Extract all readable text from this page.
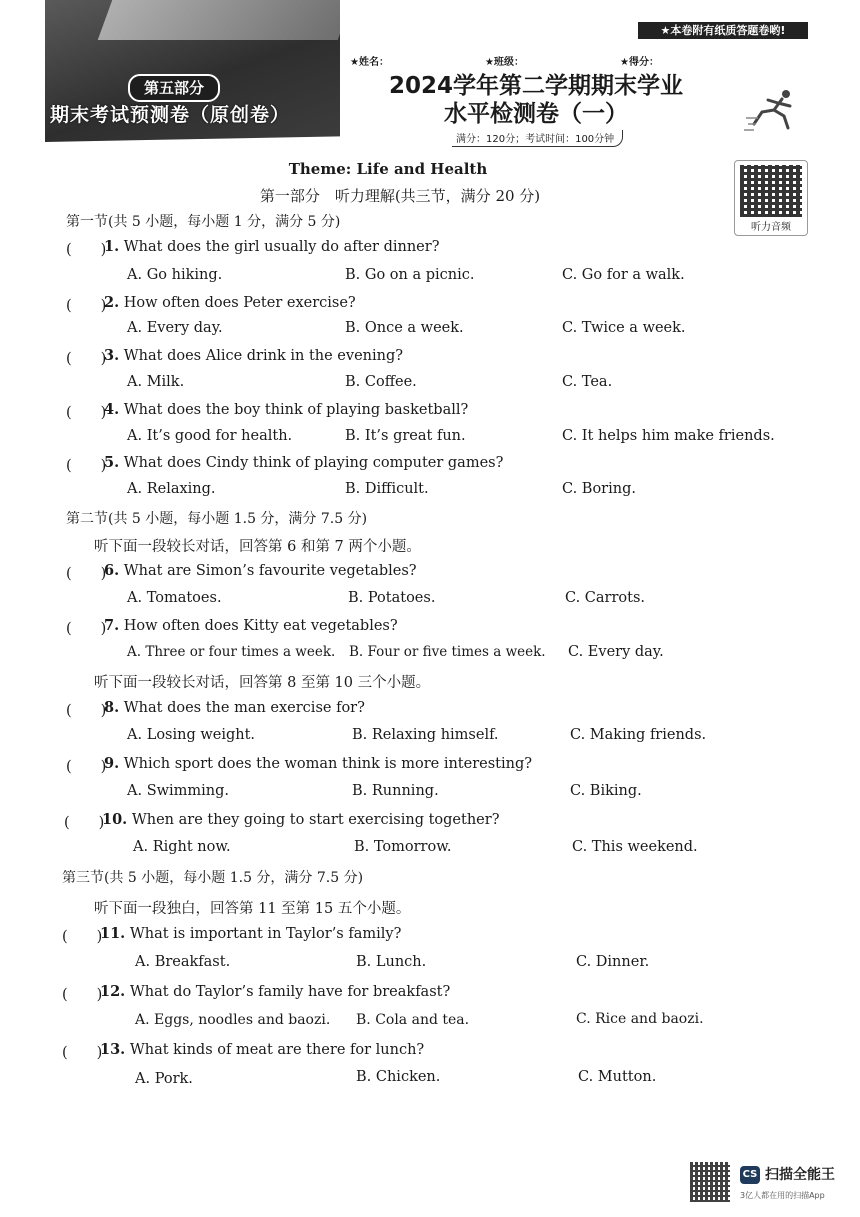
第五部分
期末考试预测卷（原创卷）
★本卷附有纸质答题卷哟!
★姓名：	★班级：	★得分：
2024学年第二学期期末学业
水平检测卷（一）
满分：120分；考试时间：100分钟
听力音频
Theme: Life and Health
第一部分　听力理解(共三节，满分 20 分)
第一节(共 5 小题，每小题 1 分，满分 5 分)
(　　)
1. What does the girl usually do after dinner?
A. Go hiking.	B. Go on a picnic.	C. Go for a walk.
(　　)
2. How often does Peter exercise?
A. Every day.	B. Once a week.	C. Twice a week.
(　　)
3. What does Alice drink in the evening?
A. Milk.	B. Coffee.	C. Tea.
(　　)
4. What does the boy think of playing basketball?
A. It’s good for health.	B. It’s great fun.	C. It helps him make friends.
(　　)
5. What does Cindy think of playing computer games?
A. Relaxing.	B. Difficult.	C. Boring.
第二节(共 5 小题，每小题 1.5 分，满分 7.5 分)
听下面一段较长对话，回答第 6 和第 7 两个小题。
(　　)
6. What are Simon’s favourite vegetables?
A. Tomatoes.	B. Potatoes.	C. Carrots.
(　　)
7. How often does Kitty eat vegetables?
A. Three or four times a week. B. Four or five times a week. C. Every day.
听下面一段较长对话，回答第 8 至第 10 三个小题。
(　　)
8. What does the man exercise for?
A. Losing weight.	B. Relaxing himself.	C. Making friends.
(　　)
9. Which sport does the woman think is more interesting?
A. Swimming.	B. Running.	C. Biking.
(　　)
10. When are they going to start exercising together?
A. Right now.	B. Tomorrow.	C. This weekend.
第三节(共 5 小题，每小题 1.5 分，满分 7.5 分)
听下面一段独白，回答第 11 至第 15 五个小题。
(　　)
11. What is important in Taylor’s family?
A. Breakfast.	B. Lunch.	C. Dinner.
(　　)
12. What do Taylor’s family have for breakfast?
A. Eggs, noodles and baozi. B. Cola and tea.	C. Rice and baozi.
(　　)
13. What kinds of meat are there for lunch?
A. Pork.	B. Chicken.	C. Mutton.
CS 扫描全能王
3亿人都在用的扫描App
